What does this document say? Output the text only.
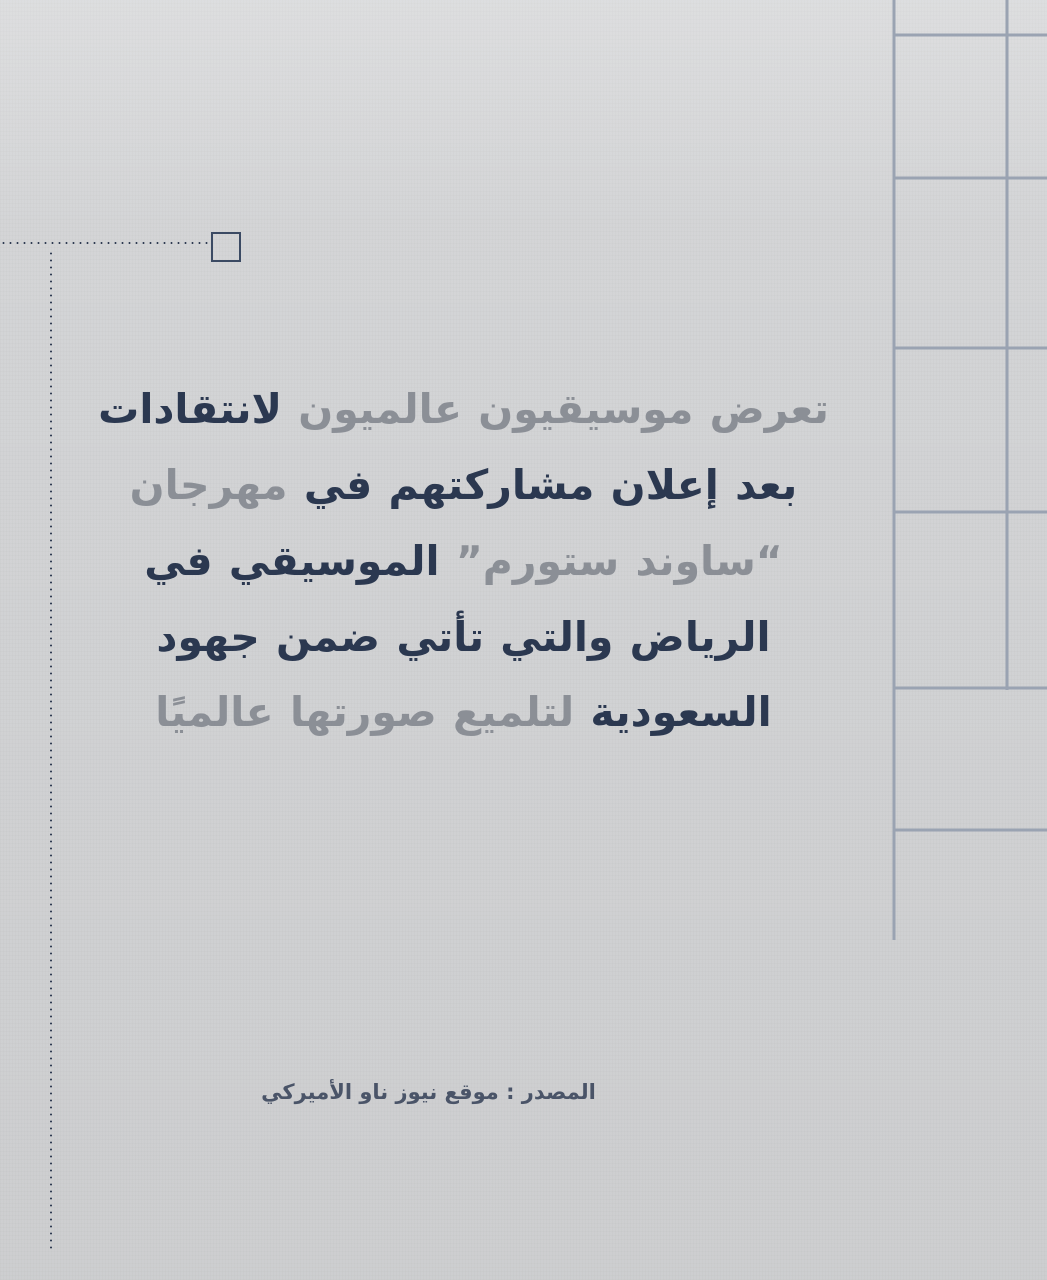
تعرض موسيقيون عالميون لانتقادات بعد إعلان مشاركتهم في مهرجان “ساوند ستورم” الموسيقي في الرياض والتي تأتي ضمن جهود السعودية لتلميع صورتها عالميًا
المصدر : موقع نيوز ناو الأميركي
